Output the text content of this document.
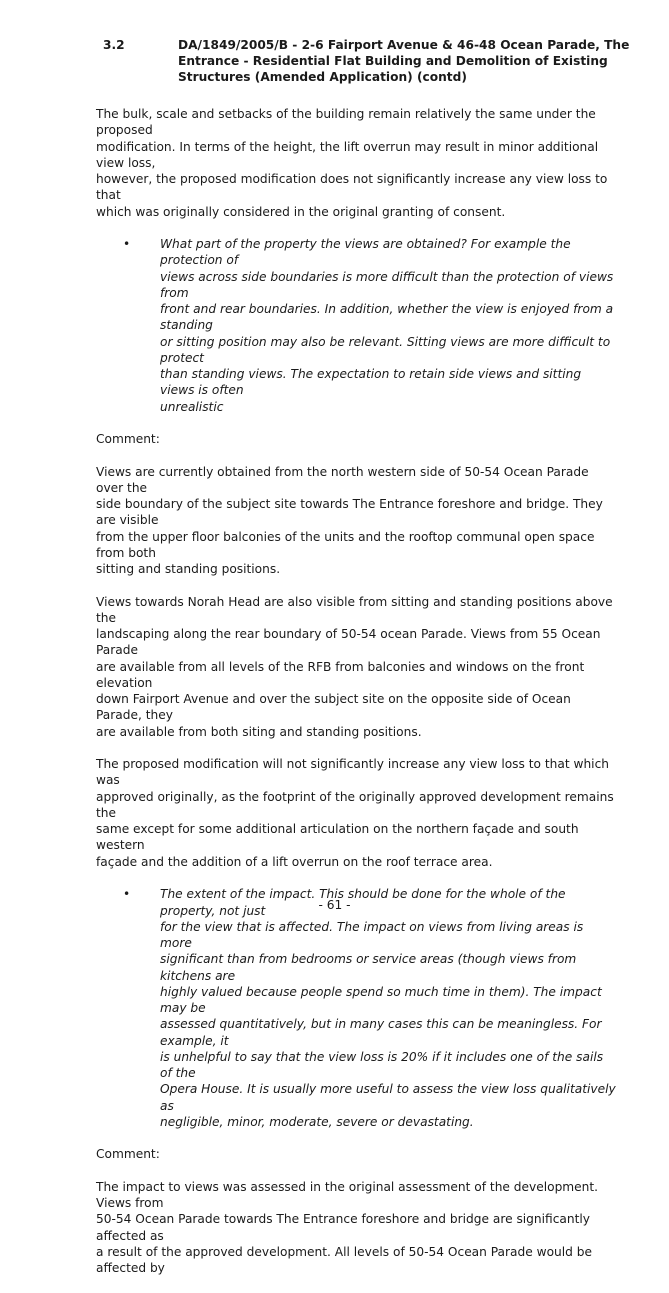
3.2	DA/1849/2005/B - 2-6 Fairport Avenue & 46-48 Ocean Parade, The
Entrance - Residential Flat Building and Demolition of Existing
Structures (Amended Application) (contd)

The bulk, scale and setbacks of the building remain relatively the same under the proposed
modification. In terms of the height, the lift overrun may result in minor additional view loss,
however, the proposed modification does not significantly increase any view loss to that
which was originally considered in the original granting of consent.

• What part of the property the views are obtained? For example the protection of
views across side boundaries is more difficult than the protection of views from
front and rear boundaries. In addition, whether the view is enjoyed from a standing
or sitting position may also be relevant. Sitting views are more difficult to protect
than standing views. The expectation to retain side views and sitting views is often
unrealistic

Comment:

Views are currently obtained from the north western side of 50-54 Ocean Parade over the
side boundary of the subject site towards The Entrance foreshore and bridge. They are visible
from the upper floor balconies of the units and the rooftop communal open space from both
sitting and standing positions.

Views towards Norah Head are also visible from sitting and standing positions above the
landscaping along the rear boundary of 50-54 ocean Parade. Views from 55 Ocean Parade
are available from all levels of the RFB from balconies and windows on the front elevation
down Fairport Avenue and over the subject site on the opposite side of Ocean Parade, they
are available from both siting and standing positions.

The proposed modification will not significantly increase any view loss to that which was
approved originally, as the footprint of the originally approved development remains the
same except for some additional articulation on the northern façade and south western
façade and the addition of a lift overrun on the roof terrace area.

• The extent of the impact. This should be done for the whole of the property, not just
for the view that is affected. The impact on views from living areas is more
significant than from bedrooms or service areas (though views from kitchens are
highly valued because people spend so much time in them). The impact may be
assessed quantitatively, but in many cases this can be meaningless. For example, it
is unhelpful to say that the view loss is 20% if it includes one of the sails of the
Opera House. It is usually more useful to assess the view loss qualitatively as
negligible, minor, moderate, severe or devastating.

Comment:

The impact to views was assessed in the original assessment of the development. Views from
50-54 Ocean Parade towards The Entrance foreshore and bridge are significantly affected as
a result of the approved development. All levels of 50-54 Ocean Parade would be affected by

- 61 -
